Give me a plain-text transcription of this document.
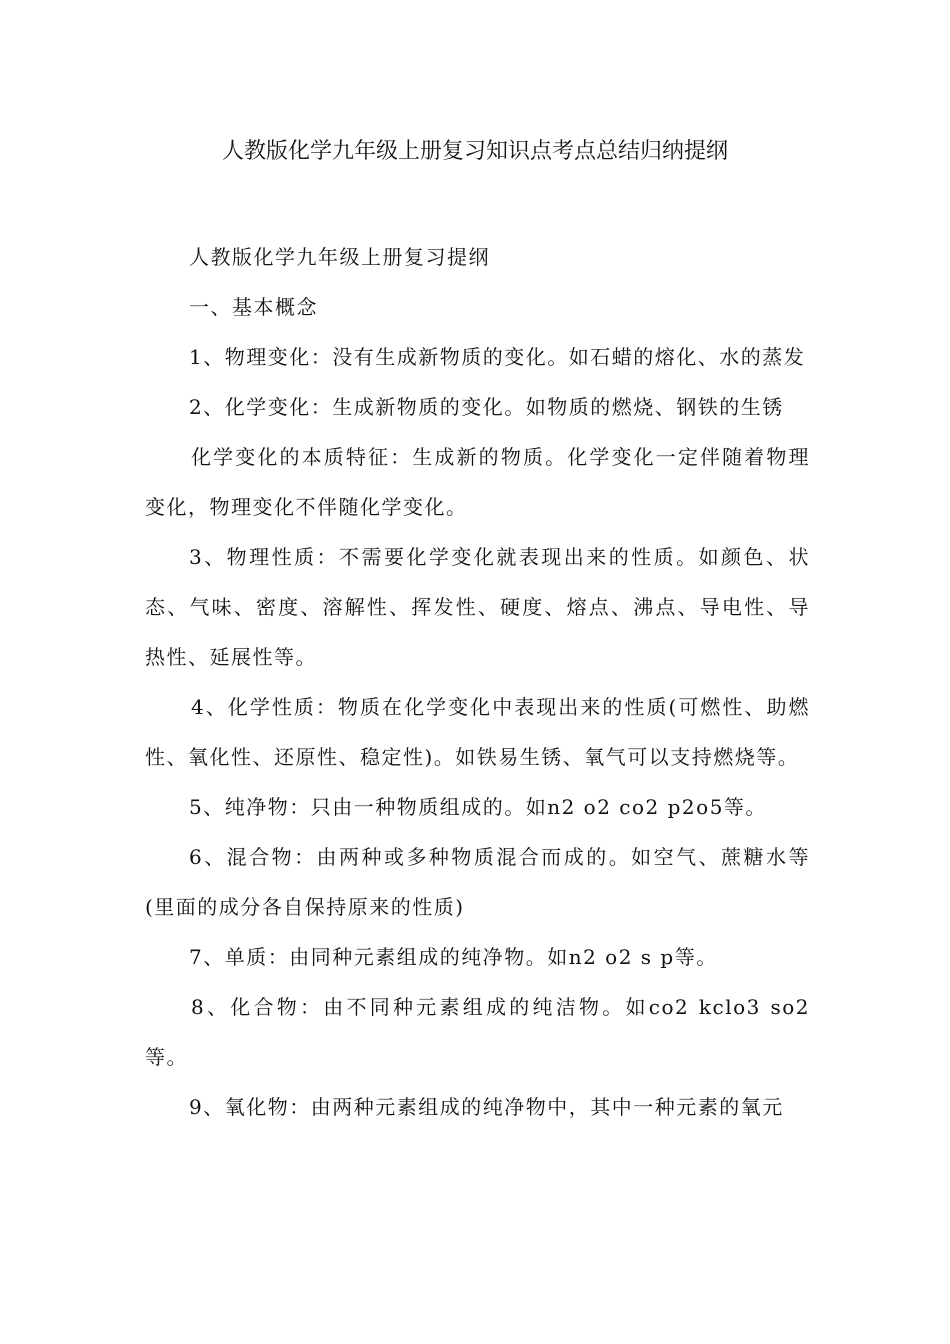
人教版化学九年级上册复习知识点考点总结归纳提纲

人教版化学九年级上册复习提纲

一、基本概念

1、物理变化：没有生成新物质的变化。如石蜡的熔化、水的蒸发

2、化学变化：生成新物质的变化。如物质的燃烧、钢铁的生锈

化学变化的本质特征：生成新的物质。化学变化一定伴随着物理变化，物理变化不伴随化学变化。

3、物理性质：不需要化学变化就表现出来的性质。如颜色、状态、气味、密度、溶解性、挥发性、硬度、熔点、沸点、导电性、导热性、延展性等。

4、化学性质：物质在化学变化中表现出来的性质(可燃性、助燃性、氧化性、还原性、稳定性)。如铁易生锈、氧气可以支持燃烧等。

5、纯净物：只由一种物质组成的。如n2 o2 co2 p2o5等。

6、混合物：由两种或多种物质混合而成的。如空气、蔗糖水等(里面的成分各自保持原来的性质)

7、单质：由同种元素组成的纯净物。如n2 o2 s p等。

8、化合物：由不同种元素组成的纯洁物。如co2 kclo3 so2等。

9、氧化物：由两种元素组成的纯净物中，其中一种元素的氧元
